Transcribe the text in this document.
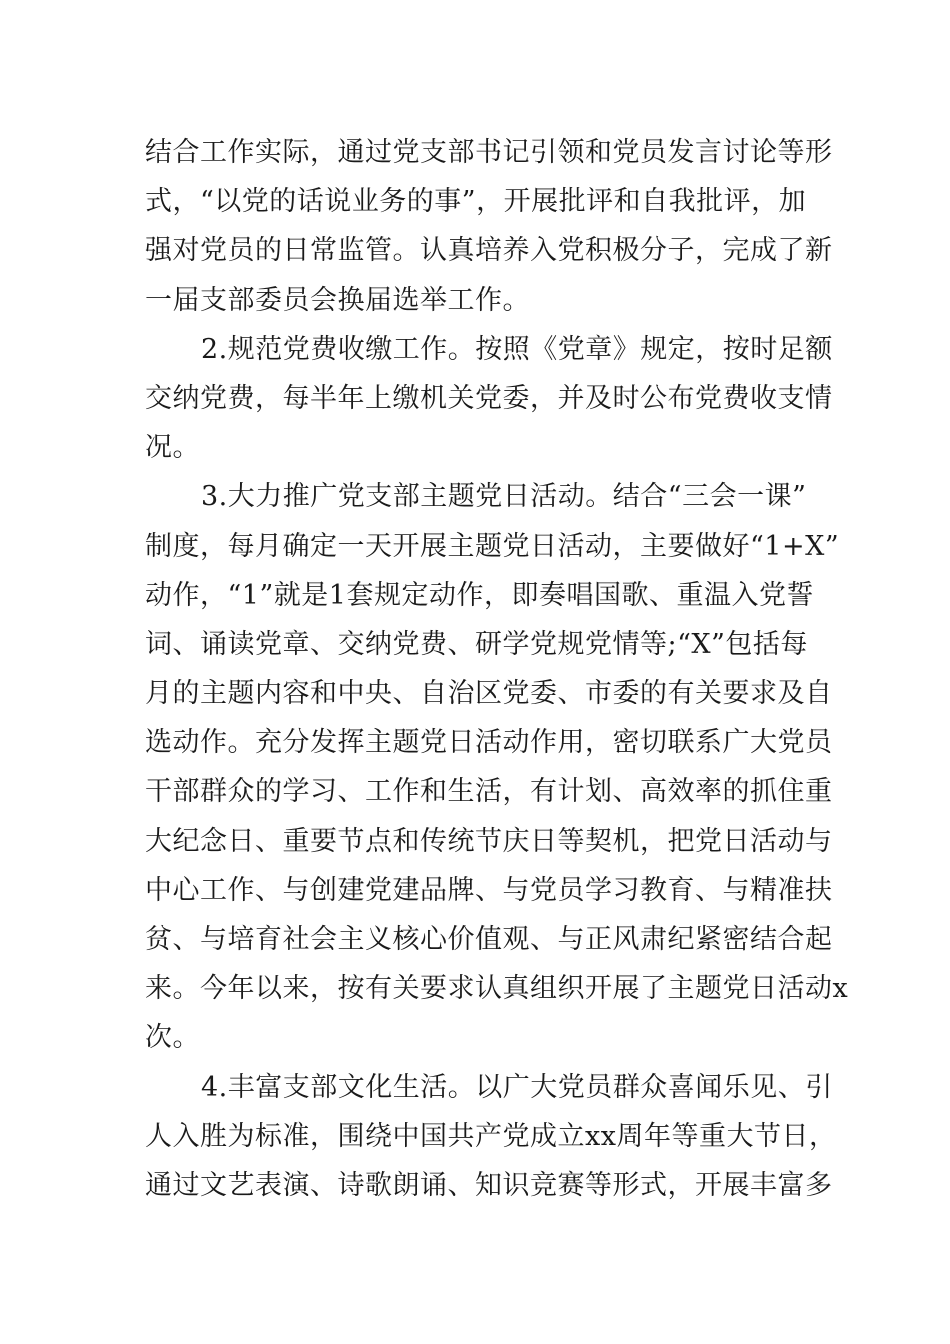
结合工作实际，通过党支部书记引领和党员发言讨论等形
式，“以党的话说业务的事”，开展批评和自我批评，加
强对党员的日常监管。认真培养入党积极分子，完成了新
一届支部委员会换届选举工作。
2.规范党费收缴工作。按照《党章》规定，按时足额
交纳党费，每半年上缴机关党委，并及时公布党费收支情
况。
3.大力推广党支部主题党日活动。结合“三会一课”
制度，每月确定一天开展主题党日活动，主要做好“1+X”
动作，“1”就是1套规定动作，即奏唱国歌、重温入党誓
词、诵读党章、交纳党费、研学党规党情等;“X”包括每
月的主题内容和中央、自治区党委、市委的有关要求及自
选动作。充分发挥主题党日活动作用，密切联系广大党员
干部群众的学习、工作和生活，有计划、高效率的抓住重
大纪念日、重要节点和传统节庆日等契机，把党日活动与
中心工作、与创建党建品牌、与党员学习教育、与精准扶
贫、与培育社会主义核心价值观、与正风肃纪紧密结合起
来。今年以来，按有关要求认真组织开展了主题党日活动x
次。
4.丰富支部文化生活。以广大党员群众喜闻乐见、引
人入胜为标准，围绕中国共产党成立xx周年等重大节日，
通过文艺表演、诗歌朗诵、知识竞赛等形式，开展丰富多
